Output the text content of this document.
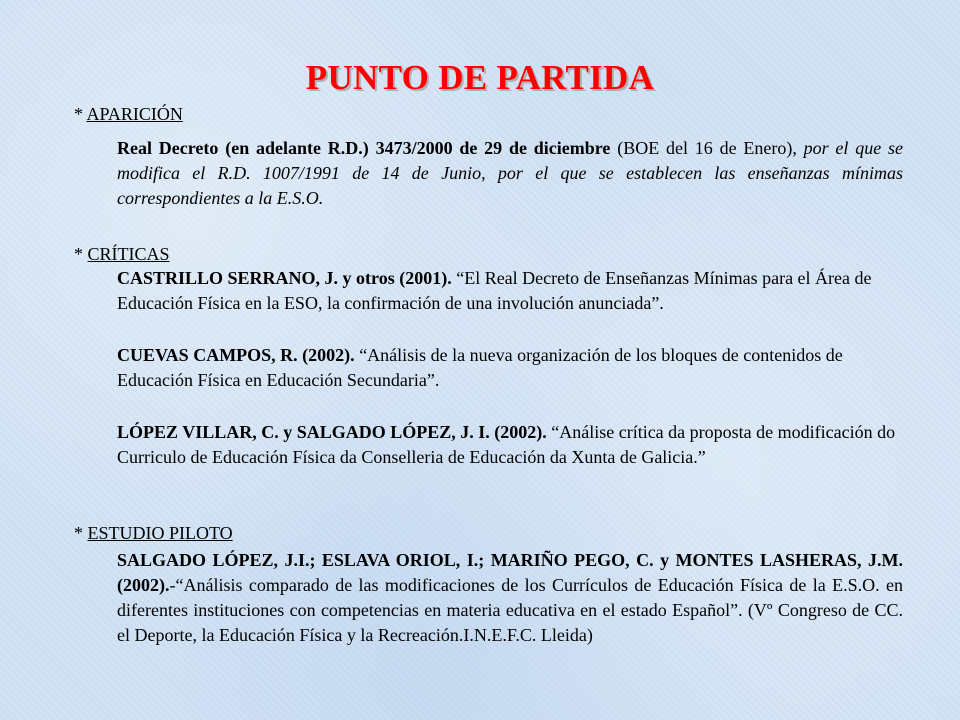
PUNTO DE PARTIDA
* APARICIÓN
Real Decreto (en adelante R.D.) 3473/2000 de 29 de diciembre (BOE del 16 de Enero), por el que se modifica el R.D. 1007/1991 de 14 de Junio, por el que se establecen las enseñanzas mínimas correspondientes a la E.S.O.
* CRÍTICAS
CASTRILLO SERRANO, J. y otros (2001). “El Real Decreto de Enseñanzas Mínimas para el Área de Educación Física en la ESO, la confirmación de una involución anunciada”.
CUEVAS CAMPOS, R. (2002). “Análisis de la nueva organización de los bloques de contenidos de Educación Física en Educación Secundaria”.
LÓPEZ VILLAR, C. y SALGADO LÓPEZ, J. I. (2002). “Análise crítica da proposta de modificación do Curriculo de Educación Física da Conselleria de Educación da Xunta de Galicia.”
* ESTUDIO PILOTO
SALGADO LÓPEZ, J.I.; ESLAVA ORIOL, I.; MARIÑO PEGO, C. y MONTES LASHERAS, J.M.(2002).-“Análisis comparado de las modificaciones de los Currículos de Educación Física de la E.S.O. en diferentes instituciones con competencias en materia educativa en el estado Español”. (Vº Congreso de CC. el Deporte, la Educación Física y la Recreación.I.N.E.F.C. Lleida)
